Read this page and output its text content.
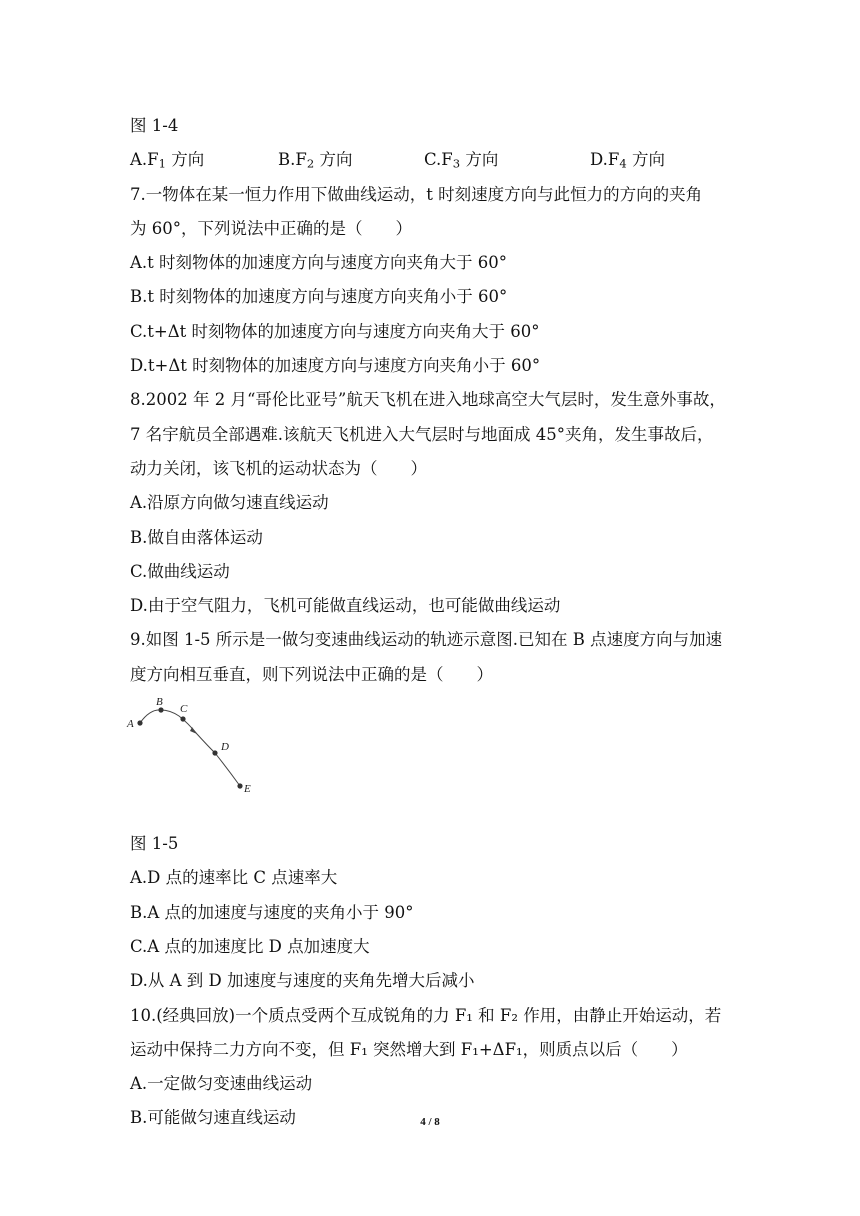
图 1-4
$A.F_1$ 方向	$B.F_2$ 方向	$C.F_3$ 方向	$D.F_4$ 方向
7.一物体在某一恒力作用下做曲线运动，t 时刻速度方向与此恒力的方向的夹角
为 60°，下列说法中正确的是（　　）
A.t 时刻物体的加速度方向与速度方向夹角大于 60°
B.t 时刻物体的加速度方向与速度方向夹角小于 60°
C.t+Δt 时刻物体的加速度方向与速度方向夹角大于 60°
D.t+Δt 时刻物体的加速度方向与速度方向夹角小于 60°
8.2002 年 2 月“哥伦比亚号”航天飞机在进入地球高空大气层时，发生意外事故，
7 名宇航员全部遇难.该航天飞机进入大气层时与地面成 45°夹角，发生事故后，
动力关闭，该飞机的运动状态为（　　）
A.沿原方向做匀速直线运动
B.做自由落体运动
C.做曲线运动
D.由于空气阻力，飞机可能做直线运动，也可能做曲线运动
9.如图 1-5 所示是一做匀变速曲线运动的轨迹示意图.已知在 B 点速度方向与加速
度方向相互垂直，则下列说法中正确的是（　　）
A
B
C
D
E
图 1-5
A.D 点的速率比 C 点速率大
B.A 点的加速度与速度的夹角小于 90°
C.A 点的加速度比 D 点加速度大
D.从 A 到 D 加速度与速度的夹角先增大后减小
10.(经典回放)一个质点受两个互成锐角的力 F₁ 和 F₂ 作用，由静止开始运动，若
运动中保持二力方向不变，但 F₁ 突然增大到 F₁+ΔF₁，则质点以后（　　）
A.一定做匀变速曲线运动
B.可能做匀速直线运动	4 / 8
